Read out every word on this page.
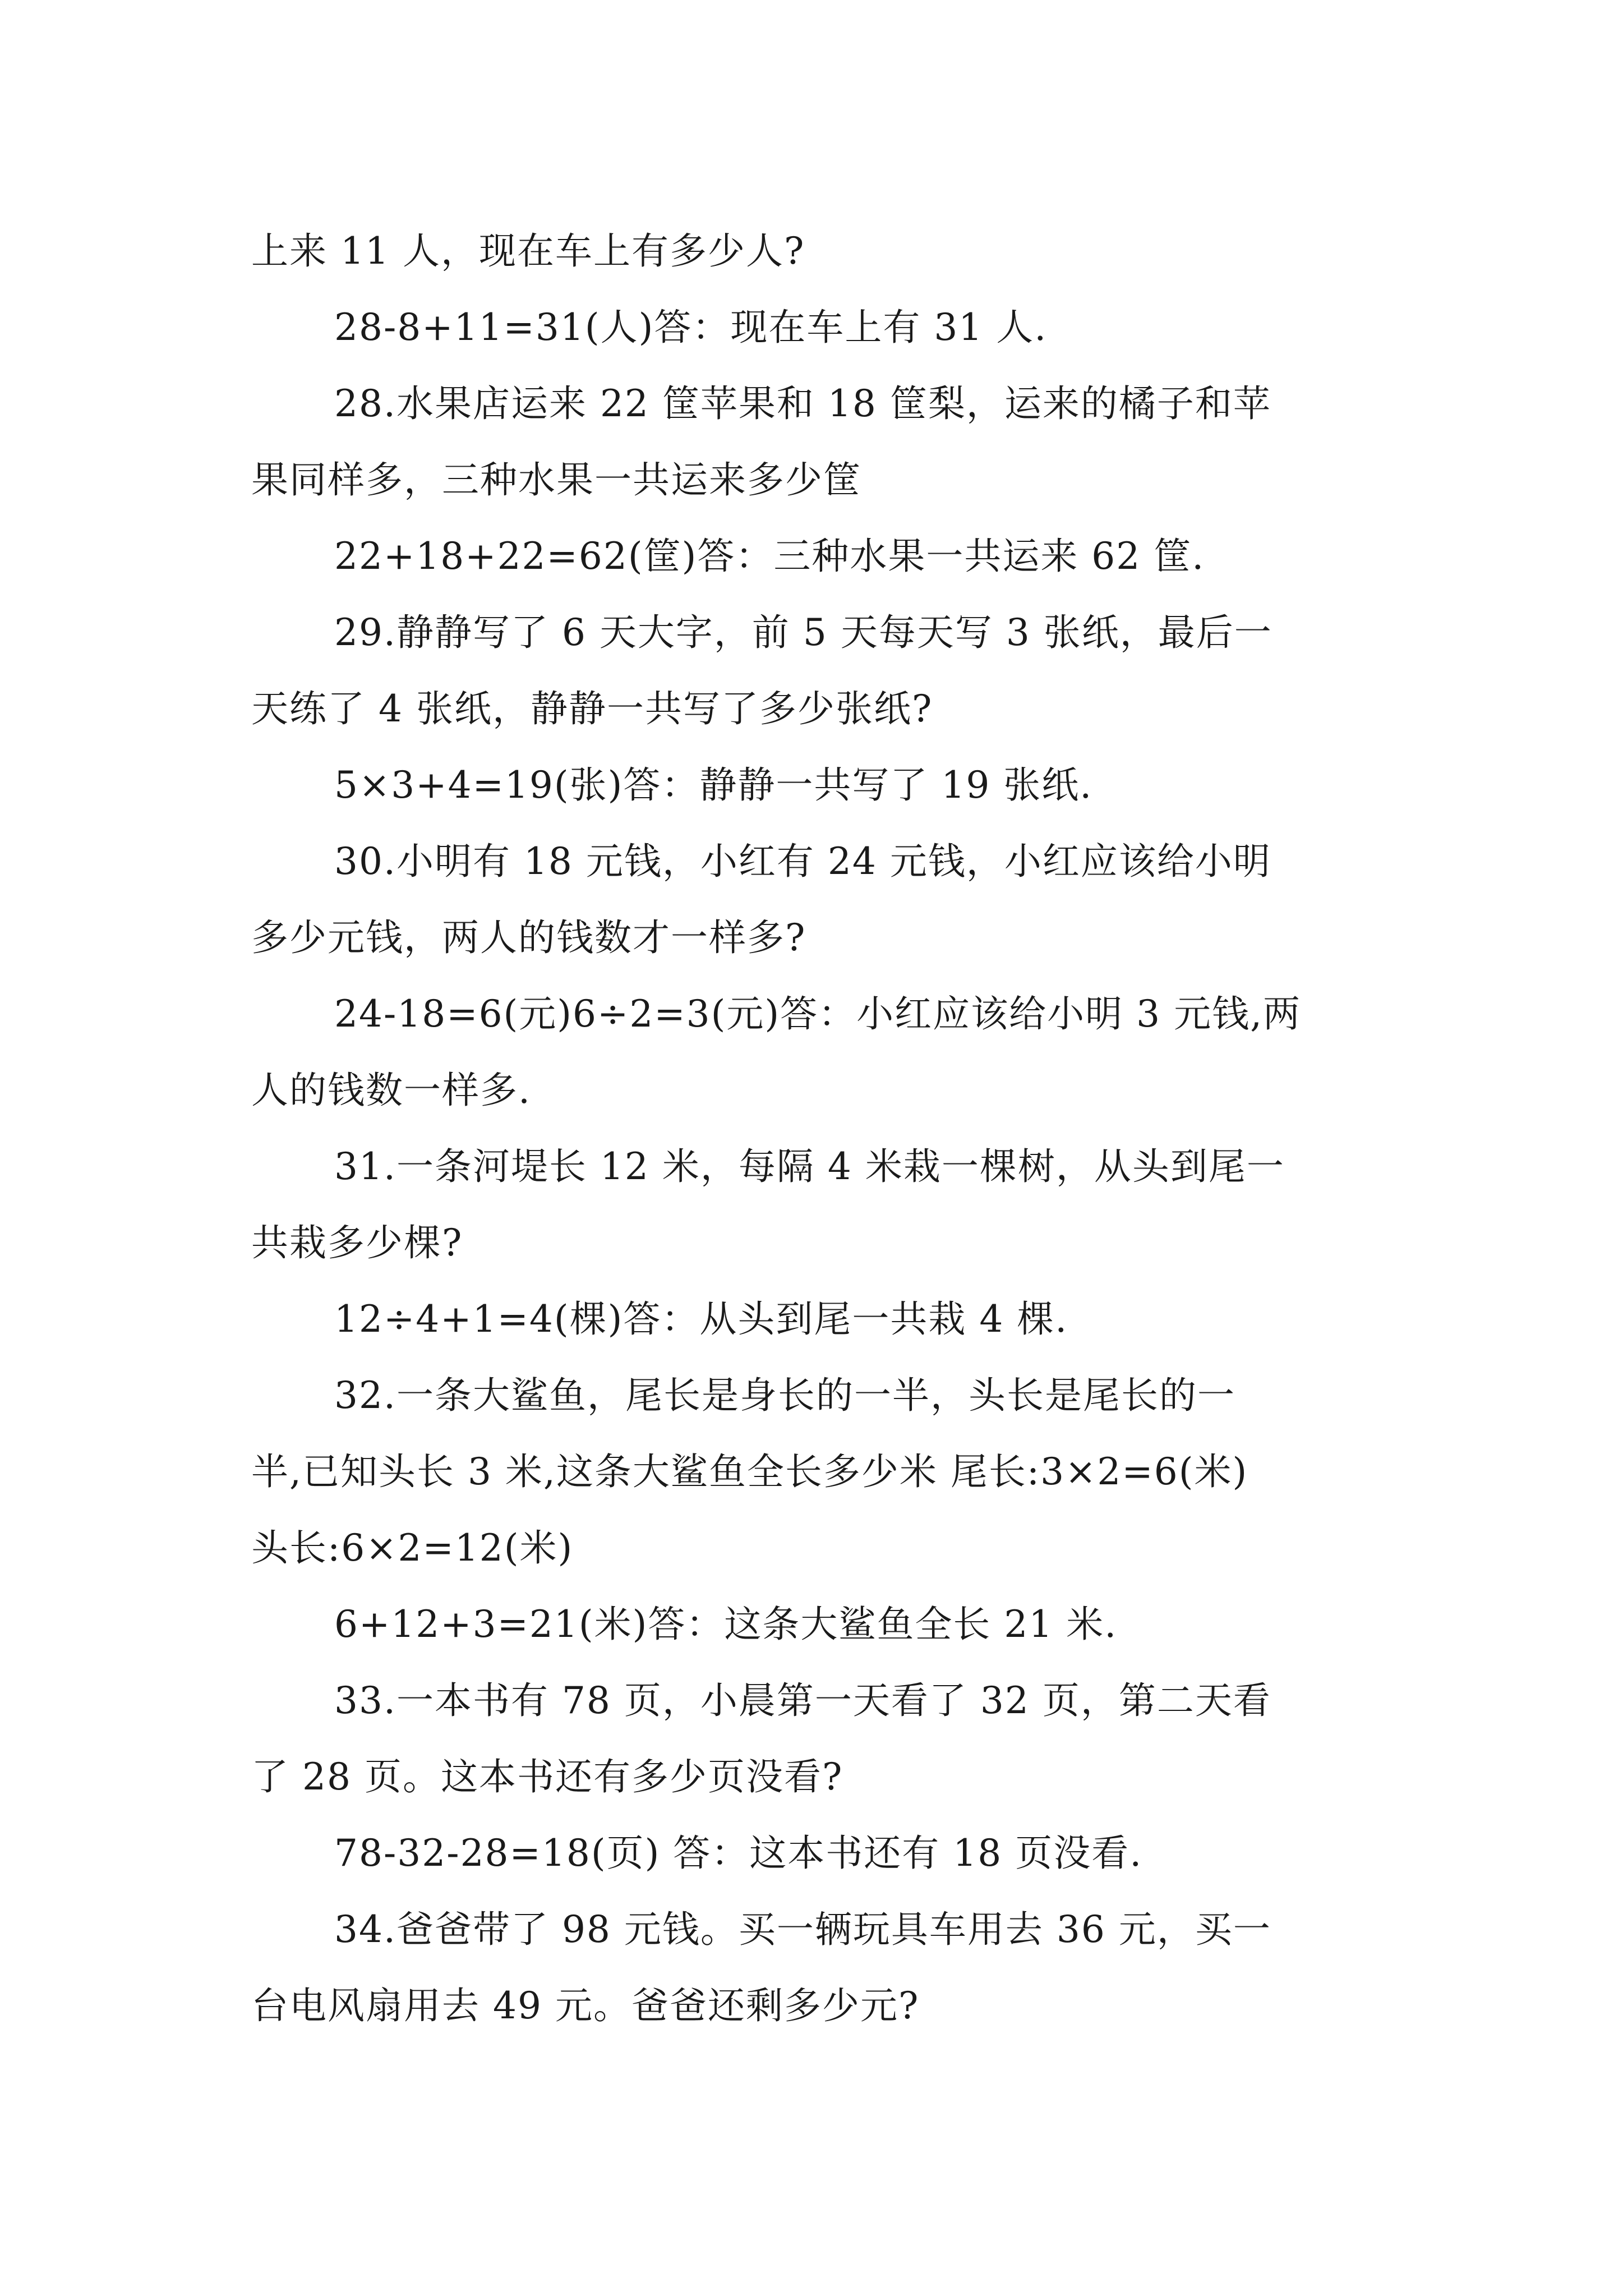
上来 11 人，现在车上有多少人?
28-8+11=31(人)答：现在车上有 31 人.
28.水果店运来 22 筐苹果和 18 筐梨，运来的橘子和苹
果同样多，三种水果一共运来多少筐
22+18+22=62(筐)答：三种水果一共运来 62 筐.
29.静静写了 6 天大字，前 5 天每天写 3 张纸，最后一
天练了 4 张纸，静静一共写了多少张纸?
5×3+4=19(张)答：静静一共写了 19 张纸.
30.小明有 18 元钱，小红有 24 元钱，小红应该给小明
多少元钱，两人的钱数才一样多?
24-18=6(元)6÷2=3(元)答：小红应该给小明 3 元钱,两
人的钱数一样多.
31.一条河堤长 12 米，每隔 4 米栽一棵树，从头到尾一
共栽多少棵?
12÷4+1=4(棵)答：从头到尾一共栽 4 棵.
32.一条大鲨鱼，尾长是身长的一半，头长是尾长的一
半,已知头长 3 米,这条大鲨鱼全长多少米 尾长:3×2=6(米)
头长:6×2=12(米)
6+12+3=21(米)答：这条大鲨鱼全长 21 米.
33.一本书有 78 页，小晨第一天看了 32 页，第二天看
了 28 页。这本书还有多少页没看?
78-32-28=18(页) 答：这本书还有 18 页没看.
34.爸爸带了 98 元钱。买一辆玩具车用去 36 元，买一
台电风扇用去 49 元。爸爸还剩多少元?
